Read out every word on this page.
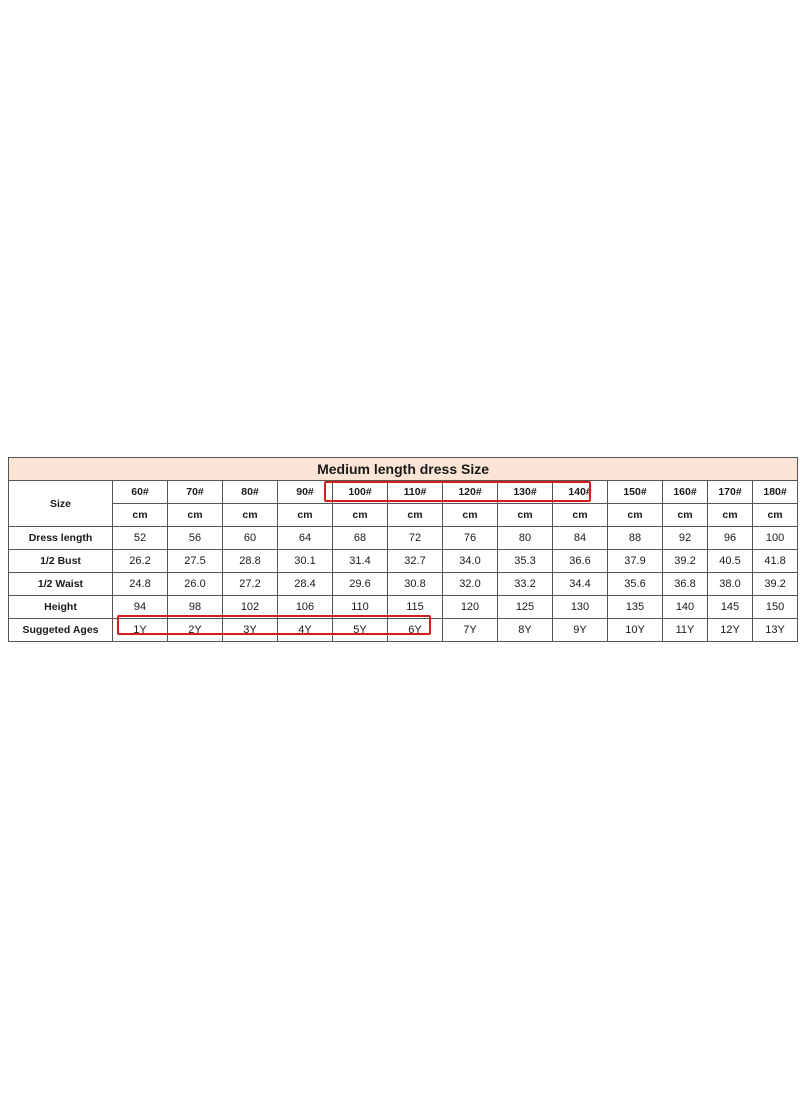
Medium length dress Size													
Size	60#	70#	80#	90#	100#	110#	120#	130#	140#	150#	160#	170#	180#
	cm	cm	cm	cm	cm	cm	cm	cm	cm	cm	cm	cm	cm
Dress length	52	56	60	64	68	72	76	80	84	88	92	96	100
1/2 Bust	26.2	27.5	28.8	30.1	31.4	32.7	34.0	35.3	36.6	37.9	39.2	40.5	41.8
1/2 Waist	24.8	26.0	27.2	28.4	29.6	30.8	32.0	33.2	34.4	35.6	36.8	38.0	39.2
Height	94	98	102	106	110	115	120	125	130	135	140	145	150
Suggeted Ages	1Y	2Y	3Y	4Y	5Y	6Y	7Y	8Y	9Y	10Y	11Y	12Y	13Y
